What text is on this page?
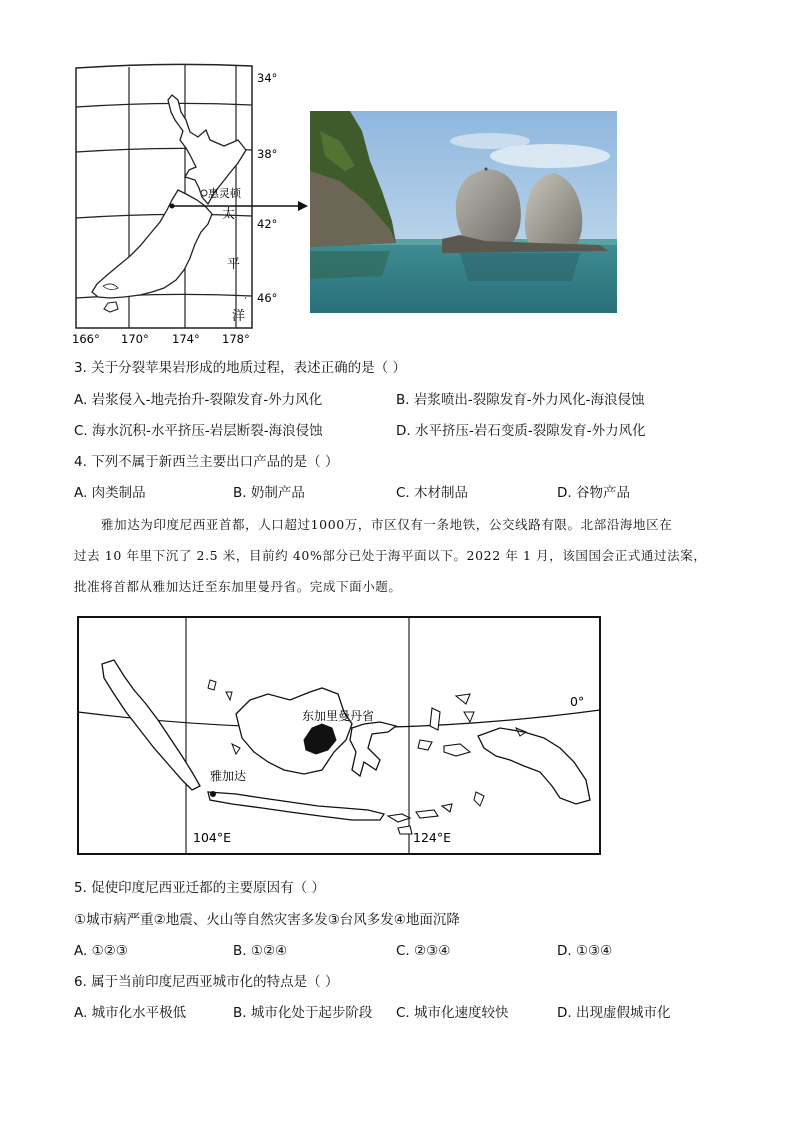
惠灵顿
太
平
洋
·
34°
38°
42°
46°
166° 170° 174° 178°
3. 关于分裂苹果岩形成的地质过程，表述正确的是（ ）
A. 岩浆侵入-地壳抬升-裂隙发育-外力风化	B. 岩浆喷出-裂隙发育-外力风化-海浪侵蚀
C. 海水沉积-水平挤压-岩层断裂-海浪侵蚀	D. 水平挤压-岩石变质-裂隙发育-外力风化
4. 下列不属于新西兰主要出口产品的是（ ）
A. 肉类制品	B. 奶制产品	C. 木材制品	D. 谷物产品

雅加达为印度尼西亚首都，人口超过1000万，市区仅有一条地铁，公交线路有限。北部沿海地区在

过去 10 年里下沉了 2.5 米，目前约 40%部分已处于海平面以下。2022 年 1 月，该国国会正式通过法案，

批准将首都从雅加达迁至东加里曼丹省。完成下面小题。

0°
104°E	124°E
东加里曼丹省
雅加达
5. 促使印度尼西亚迁都的主要原因有（ ）
①城市病严重②地震、火山等自然灾害多发③台风多发④地面沉降
A. ①②③	B. ①②④	C. ②③④	D. ①③④
6. 属于当前印度尼西亚城市化的特点是（ ）
A. 城市化水平极低	B. 城市化处于起步阶段 C. 城市化速度较快	D. 出现虚假城市化
